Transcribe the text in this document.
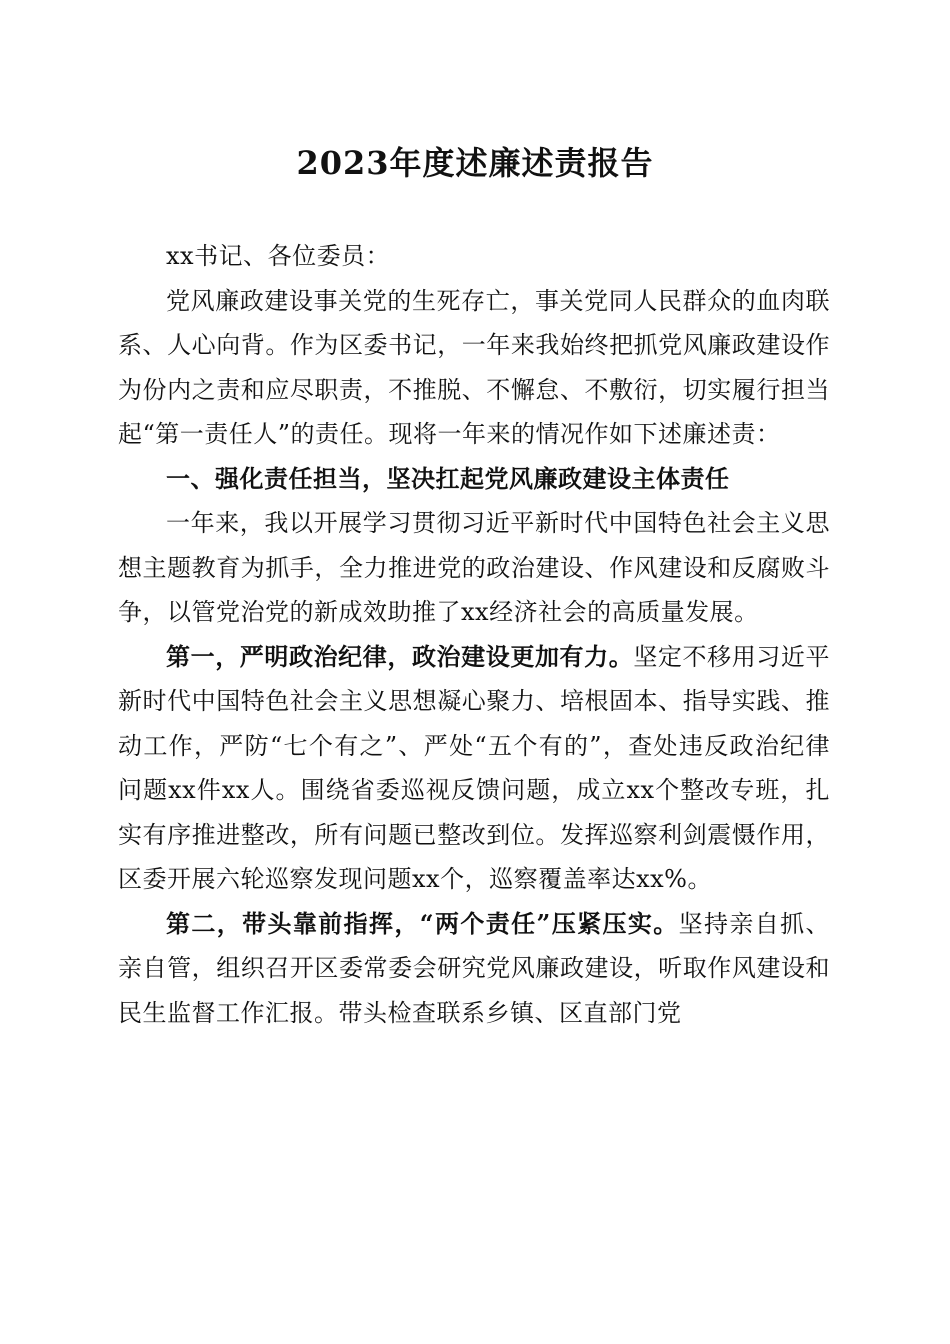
2023年度述廉述责报告

xx书记、各位委员：

党风廉政建设事关党的生死存亡，事关党同人民群众的血肉联系、人心向背。作为区委书记，一年来我始终把抓党风廉政建设作为份内之责和应尽职责，不推脱、不懈怠、不敷衍，切实履行担当起“第一责任人”的责任。现将一年来的情况作如下述廉述责：

一、强化责任担当，坚决扛起党风廉政建设主体责任

一年来，我以开展学习贯彻习近平新时代中国特色社会主义思想主题教育为抓手，全力推进党的政治建设、作风建设和反腐败斗争，以管党治党的新成效助推了xx经济社会的高质量发展。

第一，严明政治纪律，政治建设更加有力。坚定不移用习近平新时代中国特色社会主义思想凝心聚力、培根固本、指导实践、推动工作，严防“七个有之”、严处“五个有的”，查处违反政治纪律问题xx件xx人。围绕省委巡视反馈问题，成立xx个整改专班，扎实有序推进整改，所有问题已整改到位。发挥巡察利剑震慑作用，区委开展六轮巡察发现问题xx个，巡察覆盖率达xx%。

第二，带头靠前指挥，“两个责任”压紧压实。坚持亲自抓、亲自管，组织召开区委常委会研究党风廉政建设，听取作风建设和民生监督工作汇报。带头检查联系乡镇、区直部门党
